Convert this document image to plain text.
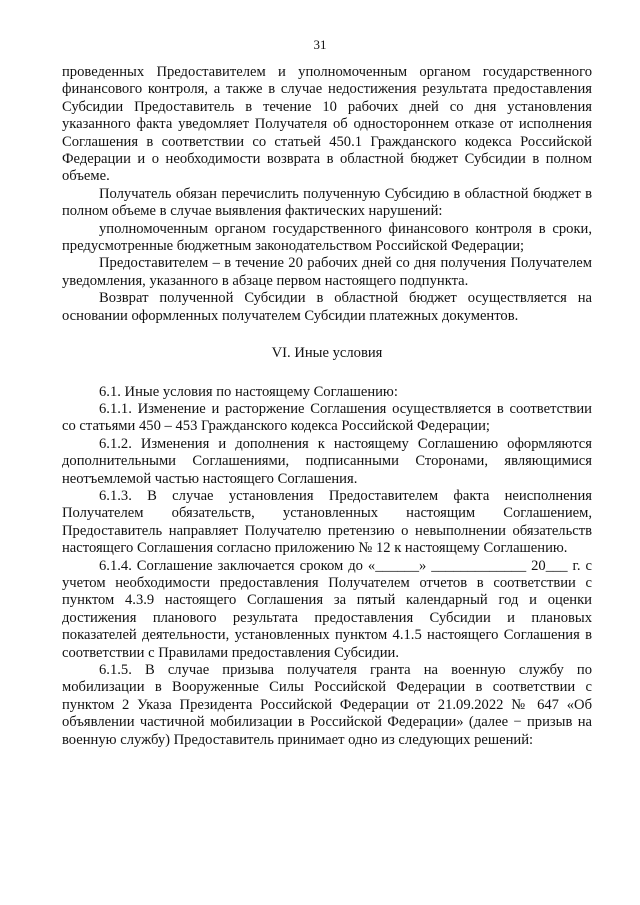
31

проведенных Предоставителем и уполномоченным органом государственного финансового контроля, а также в случае недостижения результата предоставления Субсидии Предоставитель в течение 10 рабочих дней со дня установления указанного факта уведомляет Получателя об одностороннем отказе от исполнения Соглашения в соответствии со статьей 450.1 Гражданского кодекса Российской Федерации и о необходимости возврата в областной бюджет Субсидии в полном объеме.

Получатель обязан перечислить полученную Субсидию в областной бюджет в полном объеме в случае выявления фактических нарушений:

уполномоченным органом государственного финансового контроля в сроки, предусмотренные бюджетным законодательством Российской Федерации;

Предоставителем – в течение 20 рабочих дней со дня получения Получателем уведомления, указанного в абзаце первом настоящего подпункта.

Возврат полученной Субсидии в областной бюджет осуществляется на основании оформленных получателем Субсидии платежных документов.

VI. Иные условия

6.1. Иные условия по настоящему Соглашению:

6.1.1. Изменение и расторжение Соглашения осуществляется в соответствии со статьями 450 – 453 Гражданского кодекса Российской Федерации;

6.1.2. Изменения и дополнения к настоящему Соглашению оформляются дополнительными Соглашениями, подписанными Сторонами, являющимися неотъемлемой частью настоящего Соглашения.

6.1.3. В случае установления Предоставителем факта неисполнения Получателем обязательств, установленных настоящим Соглашением, Предоставитель направляет Получателю претензию о невыполнении обязательств настоящего Соглашения согласно приложению № 12 к настоящему Соглашению.

6.1.4. Соглашение заключается сроком до «______» _____________ 20___ г. с учетом необходимости предоставления Получателем отчетов в соответствии с пунктом 4.3.9 настоящего Соглашения за пятый календарный год и оценки достижения планового результата предоставления Субсидии и плановых показателей деятельности, установленных пунктом 4.1.5 настоящего Соглашения в соответствии с Правилами предоставления Субсидии.

6.1.5. В случае призыва получателя гранта на военную службу по мобилизации в Вооруженные Силы Российской Федерации в соответствии с пунктом 2 Указа Президента Российской Федерации от 21.09.2022 № 647 «Об объявлении частичной мобилизации в Российской Федерации» (далее − призыв на военную службу) Предоставитель принимает одно из следующих решений:
